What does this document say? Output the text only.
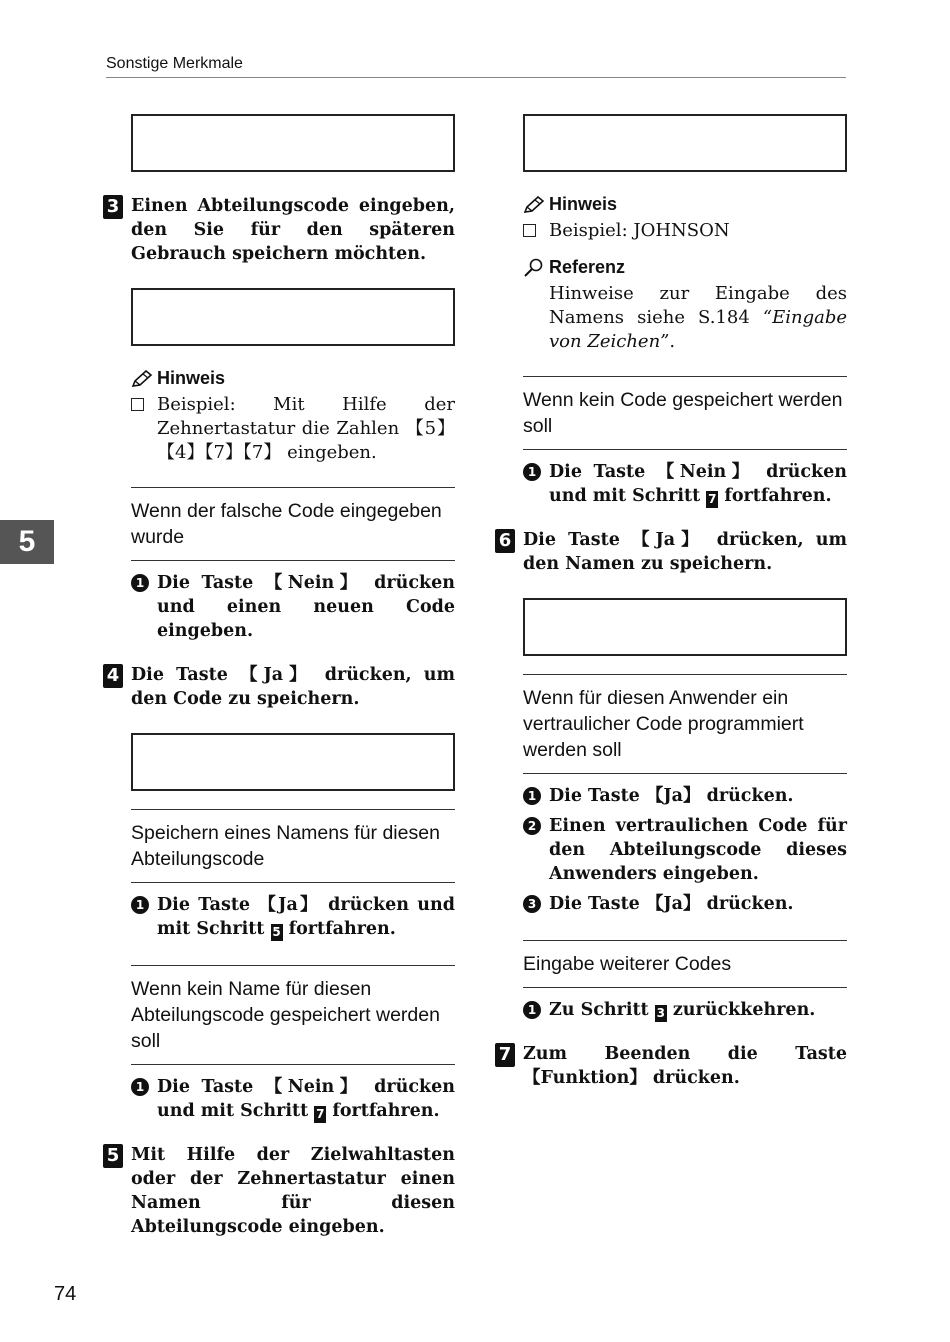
Sonstige Merkmale
5
74

3 Einen Abteilungscode eingeben, den Sie für den späteren Gebrauch speichern möchten.

Hinweis
Beispiel: Mit Hilfe der Zehnertastatur die Zahlen 【5】【4】【7】【7】 eingeben.
Wenn der falsche Code eingegeben wurde
1 Die Taste 【Nein】 drücken und einen neuen Code eingeben.
4 Die Taste 【Ja】 drücken, um den Code zu speichern.

Speichern eines Namens für diesen Abteilungscode
1 Die Taste 【Ja】 drücken und mit Schritt 5 fortfahren.
Wenn kein Name für diesen Abteilungscode gespeichert werden soll
1 Die Taste 【Nein】 drücken und mit Schritt 7 fortfahren.
5 Mit Hilfe der Zielwahltasten oder der Zehnertastatur einen Namen für diesen Abteilungscode eingeben.

Hinweis
Beispiel: JOHNSON
Referenz
Hinweise zur Eingabe des Namens siehe S.184 “Eingabe von Zeichen”.
Wenn kein Code gespeichert werden soll
1 Die Taste 【Nein】 drücken und mit Schritt 7 fortfahren.
6 Die Taste 【Ja】 drücken, um den Namen zu speichern.

Wenn für diesen Anwender ein vertraulicher Code programmiert werden soll
1 Die Taste 【Ja】 drücken.
2 Einen vertraulichen Code für den Abteilungscode dieses Anwenders eingeben.
3 Die Taste 【Ja】 drücken.
Eingabe weiterer Codes
1 Zu Schritt 3 zurückkehren.
7 Zum Beenden die Taste 【Funktion】 drücken.
